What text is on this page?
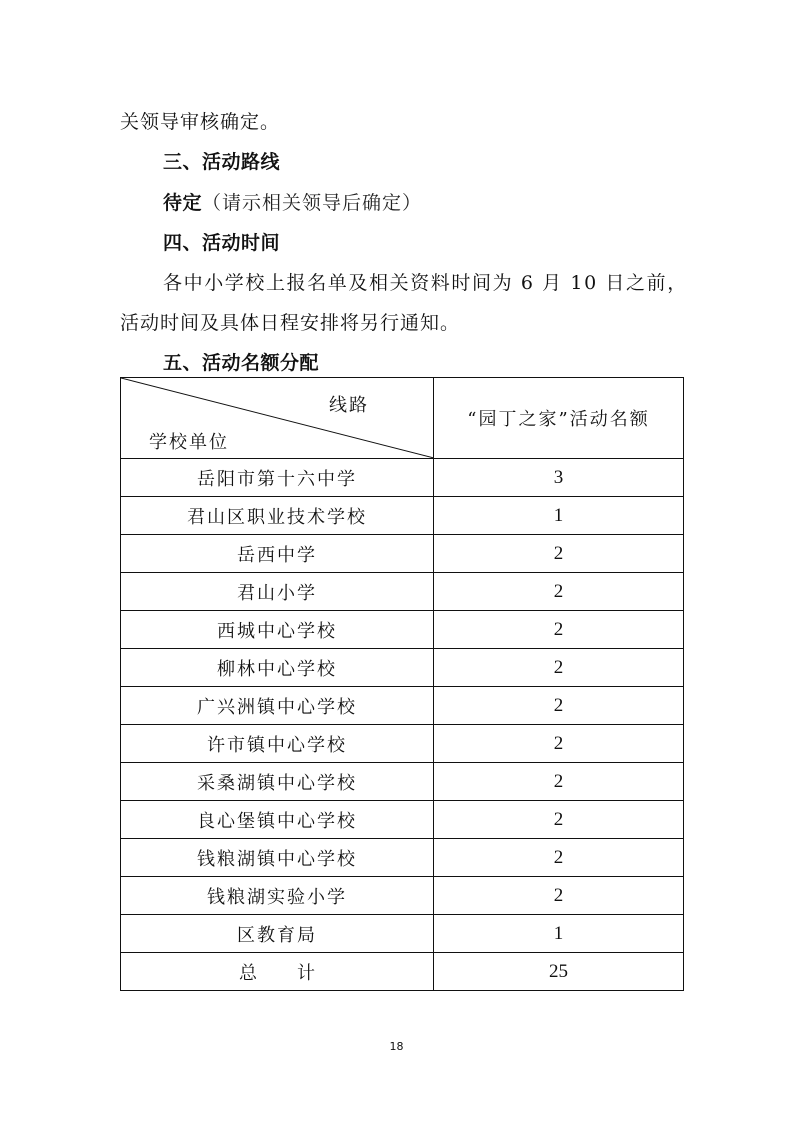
关领导审核确定。
三、活动路线
待定（请示相关领导后确定）
四、活动时间
各中小学校上报名单及相关资料时间为 6 月 10 日之前，
活动时间及具体日程安排将另行通知。
五、活动名额分配
线路
学校单位	“园丁之家”活动名额
岳阳市第十六中学	3
君山区职业技术学校	1
岳西中学	2
君山小学	2
西城中心学校	2
柳林中心学校	2
广兴洲镇中心学校	2
许市镇中心学校	2
采桑湖镇中心学校	2
良心堡镇中心学校	2
钱粮湖镇中心学校	2
钱粮湖实验小学	2
区教育局	1
总 计	25
18
